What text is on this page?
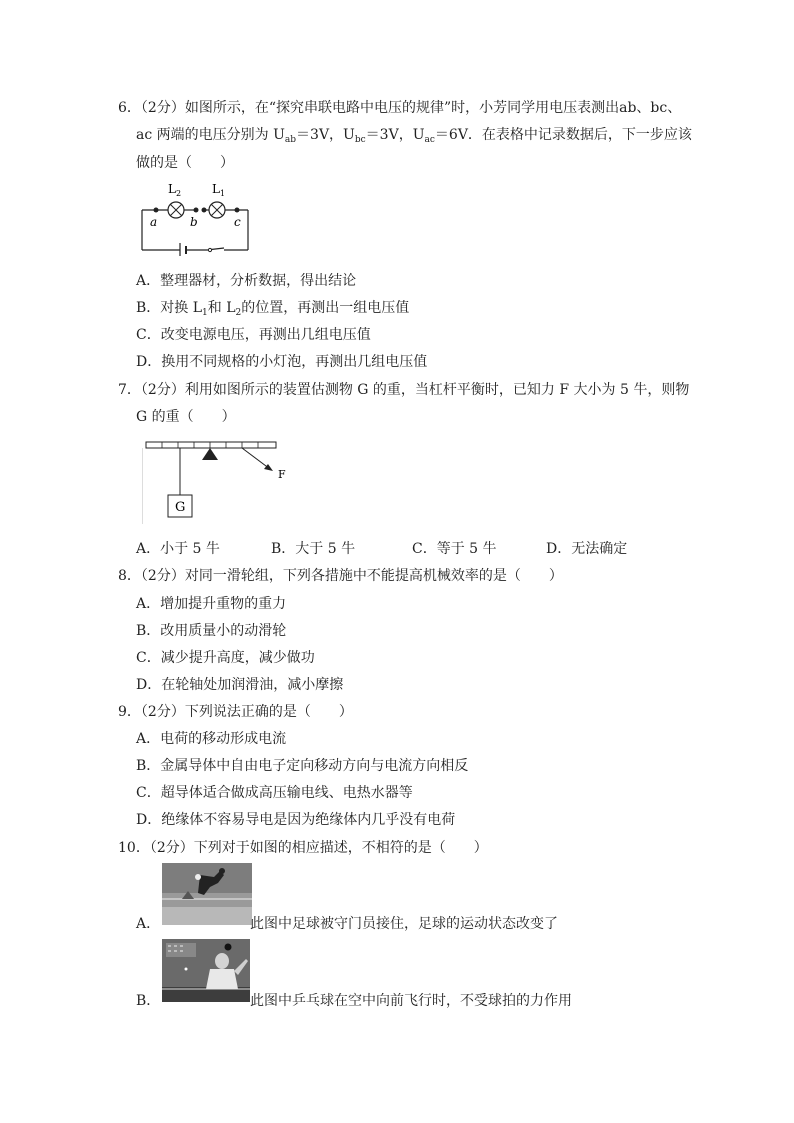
6．（2分）如图所示，在“探究串联电路中电压的规律”时，小芳同学用电压表测出ab、bc、
ac 两端的电压分别为 $U_{ab}=3V$，$U_{bc}=3V$，$U_{ac}=6V$．在表格中记录数据后，下一步应该
做的是（　　）
$L_2$	$L_1$
a	b	c
A．整理器材，分析数据，得出结论
B．对换 $L_1$和 $L_2$的位置，再测出一组电压值
C．改变电源电压，再测出几组电压值
D．换用不同规格的小灯泡，再测出几组电压值
7．（2分）利用如图所示的装置估测物 G 的重，当杠杆平衡时，已知力 F 大小为 5 牛，则物
G 的重（　　）
G
F
A．小于 5 牛	B．大于 5 牛	C．等于 5 牛	D．无法确定
8．（2分）对同一滑轮组，下列各措施中不能提高机械效率的是（　　）
A．增加提升重物的重力
B．改用质量小的动滑轮
C．减少提升高度，减少做功
D．在轮轴处加润滑油，减小摩擦
9．（2分）下列说法正确的是（　　）
A．电荷的移动形成电流
B．金属导体中自由电子定向移动方向与电流方向相反
C．超导体适合做成高压输电线、电热水器等
D．绝缘体不容易导电是因为绝缘体内几乎没有电荷
10．（2分）下列对于如图的相应描述，不相符的是（　　）
A．	此图中足球被守门员接住，足球的运动状态改变了
B．	此图中乒乓球在空中向前飞行时，不受球拍的力作用
